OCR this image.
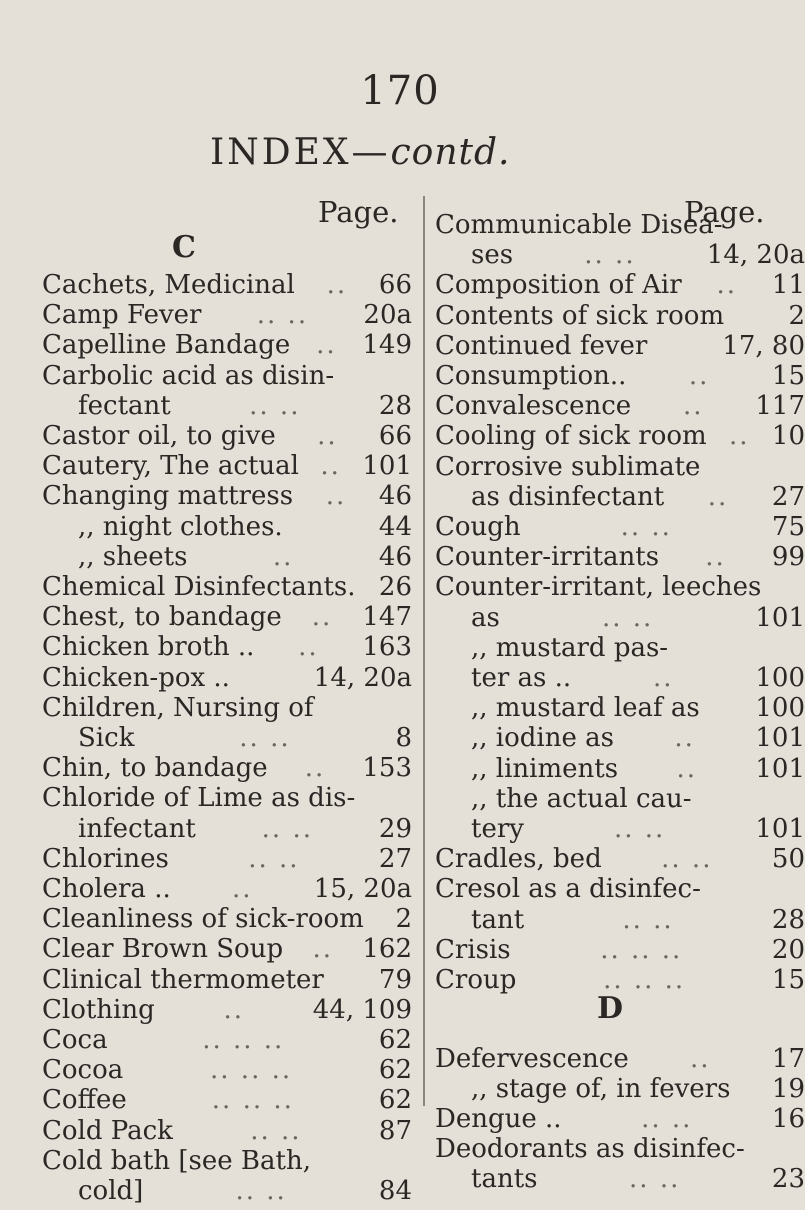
170
INDEX—contd.
Page.	Page.
C
Cachets, Medicinal	..	66
Camp Fever	.. ..	20a
Capelline Bandage .. 149
Carbolic acid as disin-
fectant	.. ..	28
Castor oil, to give	..	66
Cautery, The actual .. 101
Changing mattress	..	46
,, night clothes.	44
,, sheets	..	46
Chemical Disinfectants. 26
Chest, to bandage	..	147
Chicken broth ..	..	163
Chicken-pox ..	14, 20a
Children, Nursing of
Sick	.. ..	8
Chin, to bandage	..	153
Chloride of Lime as dis-
infectant	.. ..	29
Chlorines	.. ..	27
Cholera ..	..	15, 20a
Cleanliness of sick-room 2
Clear Brown Soup	..	162
Clinical thermometer 79
Clothing	..	44, 109
Coca	.. .. ..	62
Cocoa	.. .. ..	62
Coffee	.. .. ..	62
Cold Pack	.. ..	87
Cold bath [see Bath,
cold]	.. ..	84
D
Communicable Disea-
ses	.. ..	14, 20a
Composition of Air	..	11
Contents of sick room 2
Continued fever	17, 80
Consumption..	..	15
Convalescence	..	117
Cooling of sick room .. 10
Corrosive sublimate
as disinfectant	..	27
Cough	.. ..	75
Counter-irritants	..	99
Counter-irritant, leeches
as	.. ..	101
,, mustard pas-
ter as ..	..	100
,, mustard leaf as 100
,, iodine as	..	101
,, liniments	..	101
,, the actual cau-
tery	.. ..	101
Cradles, bed	.. ..	50
Cresol as a disinfec-
tant	.. ..	28
Crisis	.. .. ..	20
Croup	.. .. ..	15
Defervescence	..	17
,, stage of, in fevers 19
Dengue ..	.. ..	16
Deodorants as disinfec-
tants	.. ..	23
